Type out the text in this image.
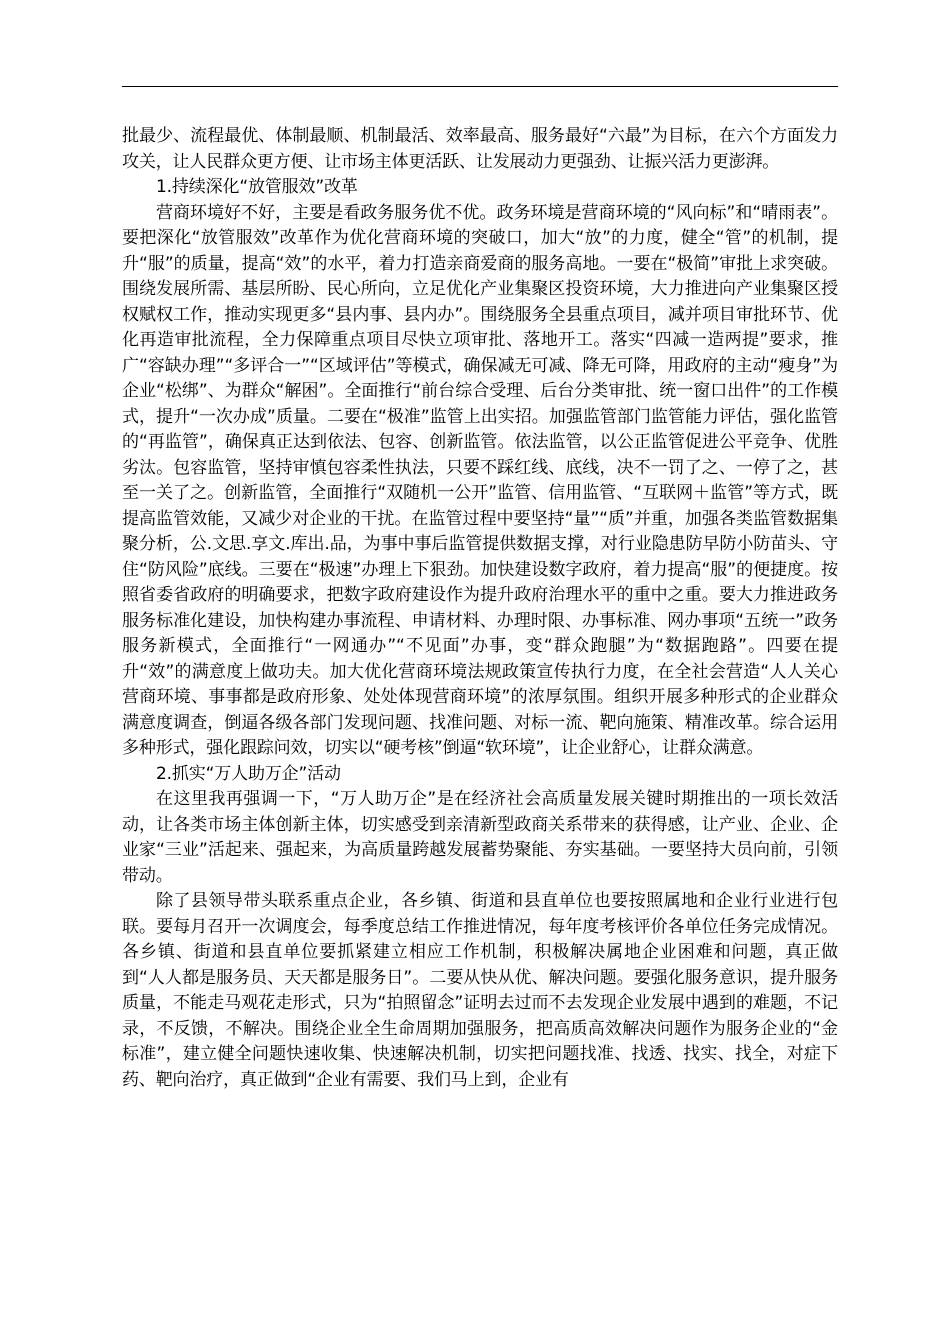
批最少、流程最优、体制最顺、机制最活、效率最高、服务最好“六最”为目标，在六个方面发力攻关，让人民群众更方便、让市场主体更活跃、让发展动力更强劲、让振兴活力更澎湃。

1.持续深化“放管服效”改革

营商环境好不好，主要是看政务服务优不优。政务环境是营商环境的“风向标”和“晴雨表”。要把深化“放管服效”改革作为优化营商环境的突破口，加大“放”的力度，健全“管”的机制，提升“服”的质量，提高“效”的水平，着力打造亲商爱商的服务高地。一要在“极简”审批上求突破。围绕发展所需、基层所盼、民心所向，立足优化产业集聚区投资环境，大力推进向产业集聚区授权赋权工作，推动实现更多“县内事、县内办”。围绕服务全县重点项目，减并项目审批环节、优化再造审批流程，全力保障重点项目尽快立项审批、落地开工。落实“四减一造两提”要求，推广“容缺办理”“多评合一”“区域评估”等模式，确保减无可减、降无可降，用政府的主动“瘦身”为企业“松绑”、为群众“解困”。全面推行“前台综合受理、后台分类审批、统一窗口出件”的工作模式，提升“一次办成”质量。二要在“极准”监管上出实招。加强监管部门监管能力评估，强化监管的“再监管”，确保真正达到依法、包容、创新监管。依法监管，以公正监管促进公平竞争、优胜劣汰。包容监管，坚持审慎包容柔性执法，只要不踩红线、底线，决不一罚了之、一停了之，甚至一关了之。创新监管，全面推行“双随机一公开”监管、信用监管、“互联网＋监管”等方式，既提高监管效能，又减少对企业的干扰。在监管过程中要坚持“量”“质”并重，加强各类监管数据集聚分析，公.文思.享文.库出.品，为事中事后监管提供数据支撑，对行业隐患防早防小防苗头、守住“防风险”底线。三要在“极速”办理上下狠劲。加快建设数字政府，着力提高“服”的便捷度。按照省委省政府的明确要求，把数字政府建设作为提升政府治理水平的重中之重。要大力推进政务服务标准化建设，加快构建办事流程、申请材料、办理时限、办事标准、网办事项“五统一”政务服务新模式，全面推行“一网通办”“不见面”办事，变“群众跑腿”为“数据跑路”。四要在提升“效”的满意度上做功夫。加大优化营商环境法规政策宣传执行力度，在全社会营造“人人关心营商环境、事事都是政府形象、处处体现营商环境”的浓厚氛围。组织开展多种形式的企业群众满意度调查，倒逼各级各部门发现问题、找准问题、对标一流、靶向施策、精准改革。综合运用多种形式，强化跟踪问效，切实以“硬考核”倒逼“软环境”，让企业舒心，让群众满意。

2.抓实“万人助万企”活动

在这里我再强调一下，“万人助万企”是在经济社会高质量发展关键时期推出的一项长效活动，让各类市场主体创新主体，切实感受到亲清新型政商关系带来的获得感，让产业、企业、企业家“三业”活起来、强起来，为高质量跨越发展蓄势聚能、夯实基础。一要坚持大员向前，引领带动。

除了县领导带头联系重点企业，各乡镇、街道和县直单位也要按照属地和企业行业进行包联。要每月召开一次调度会，每季度总结工作推进情况，每年度考核评价各单位任务完成情况。各乡镇、街道和县直单位要抓紧建立相应工作机制，积极解决属地企业困难和问题，真正做到“人人都是服务员、天天都是服务日”。二要从快从优、解决问题。要强化服务意识，提升服务质量，不能走马观花走形式，只为“拍照留念”证明去过而不去发现企业发展中遇到的难题，不记录，不反馈，不解决。围绕企业全生命周期加强服务，把高质高效解决问题作为服务企业的“金标准”，建立健全问题快速收集、快速解决机制，切实把问题找准、找透、找实、找全，对症下药、靶向治疗，真正做到“企业有需要、我们马上到，企业有
